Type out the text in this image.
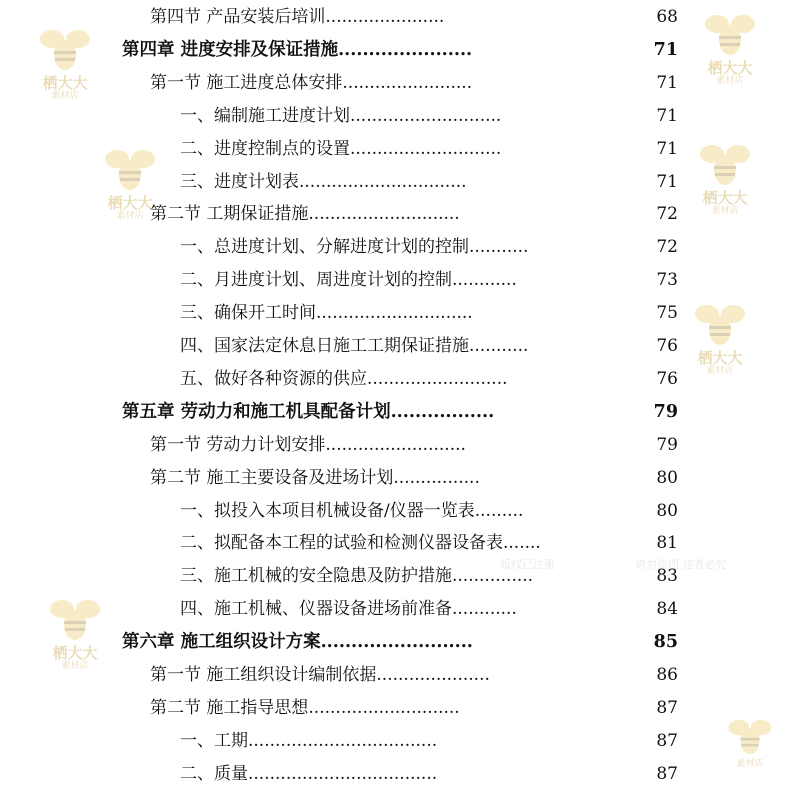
第四节 产品安装后培训......................	68
第四章 进度安排及保证措施......................	71
第一节 施工进度总体安排........................	71
一、编制施工进度计划............................	71
二、进度控制点的设置............................	71
三、进度计划表...............................	71
第二节 工期保证措施............................	72
一、总进度计划、分解进度计划的控制...........	72
二、月进度计划、周进度计划的控制............	73
三、确保开工时间.............................	75
四、国家法定休息日施工工期保证措施...........	76
五、做好各种资源的供应..........................	76
第五章 劳动力和施工机具配备计划.................	79
第一节 劳动力计划安排..........................	79
第二节 施工主要设备及进场计划................	80
一、拟投入本项目机械设备/仪器一览表.........	80
二、拟配备本工程的试验和检测仪器设备表.......	81
三、施工机械的安全隐患及防护措施...............	83
四、施工机械、仪器设备进场前准备............	84
第六章 施工组织设计方案.........................	85
第一节 施工组织设计编制依据.....................	86
第二节 施工指导思想............................	87
一、工期...................................	87
二、质量...................................	87
栖大大
素材店
栖大大
素材店
栖大大
素材店
栖大大
素材店
栖大大
素材店
栖大大
素材店
素材店
版权已注册	请勿盗图 违者必究
